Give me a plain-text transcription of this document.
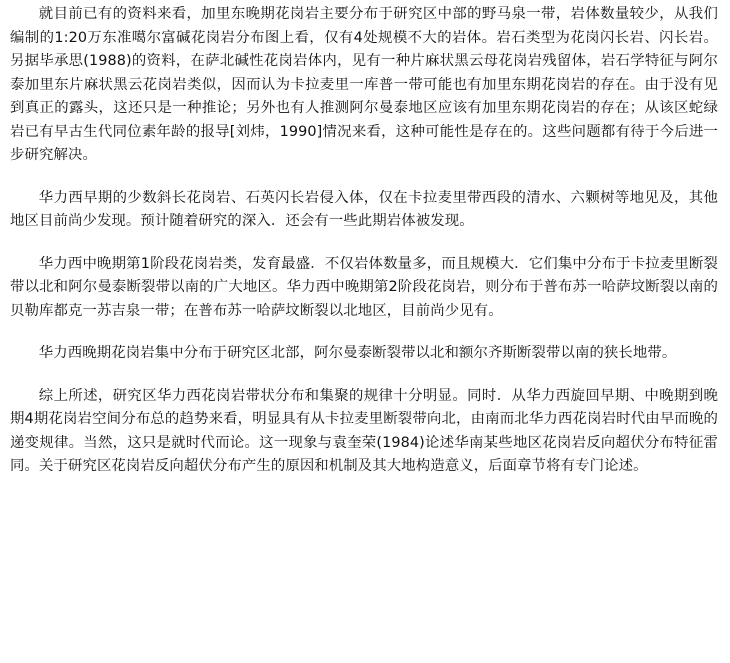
就目前已有的资料来看，加里东晚期花岗岩主要分布于研究区中部的野马泉一带，岩体数量较少，从我们编制的1:20万东准噶尔富碱花岗岩分布图上看，仅有4处规模不大的岩体。岩石类型为花岗闪长岩、闪长岩。另据毕承思(1988)的资料，在萨北碱性花岗岩体内，见有一种片麻状黑云母花岗岩残留体，岩石学特征与阿尔泰加里东片麻状黑云花岗岩类似，因而认为卡拉麦里一库普一带可能也有加里东期花岗岩的存在。由于没有见到真正的露头，这还只是一种推论；另外也有人推测阿尔曼泰地区应该有加里东期花岗岩的存在；从该区蛇绿岩已有早古生代同位素年龄的报导[刘炜，1990]情况来看，这种可能性是存在的。这些问题都有待于今后进一步研究解决。

华力西早期的少数斜长花岗岩、石英闪长岩侵入体，仅在卡拉麦里带西段的清水、六颗树等地见及，其他地区目前尚少发现。预计随着研究的深入．还会有一些此期岩体被发现。

华力西中晚期第1阶段花岗岩类，发育最盛．不仅岩体数量多，而且规模大．它们集中分布于卡拉麦里断裂带以北和阿尔曼泰断裂带以南的广大地区。华力西中晚期第2阶段花岗岩，则分布于普布苏一哈萨坟断裂以南的贝勒库都克一苏吉泉一带；在普布苏一哈萨坟断裂以北地区，目前尚少见有。

华力西晚期花岗岩集中分布于研究区北部，阿尔曼泰断裂带以北和额尔齐斯断裂带以南的狭长地带。

综上所述，研究区华力西花岗岩带状分布和集聚的规律十分明显。同时．从华力西旋回早期、中晚期到晚期4期花岗岩空间分布总的趋势来看，明显具有从卡拉麦里断裂带向北，由南而北华力西花岗岩时代由早而晚的递变规律。当然，这只是就时代而论。这一现象与袁奎荣(1984)论述华南某些地区花岗岩反向超伏分布特征雷同。关于研究区花岗岩反向超伏分布产生的原因和机制及其大地构造意义，后面章节将有专门论述。
